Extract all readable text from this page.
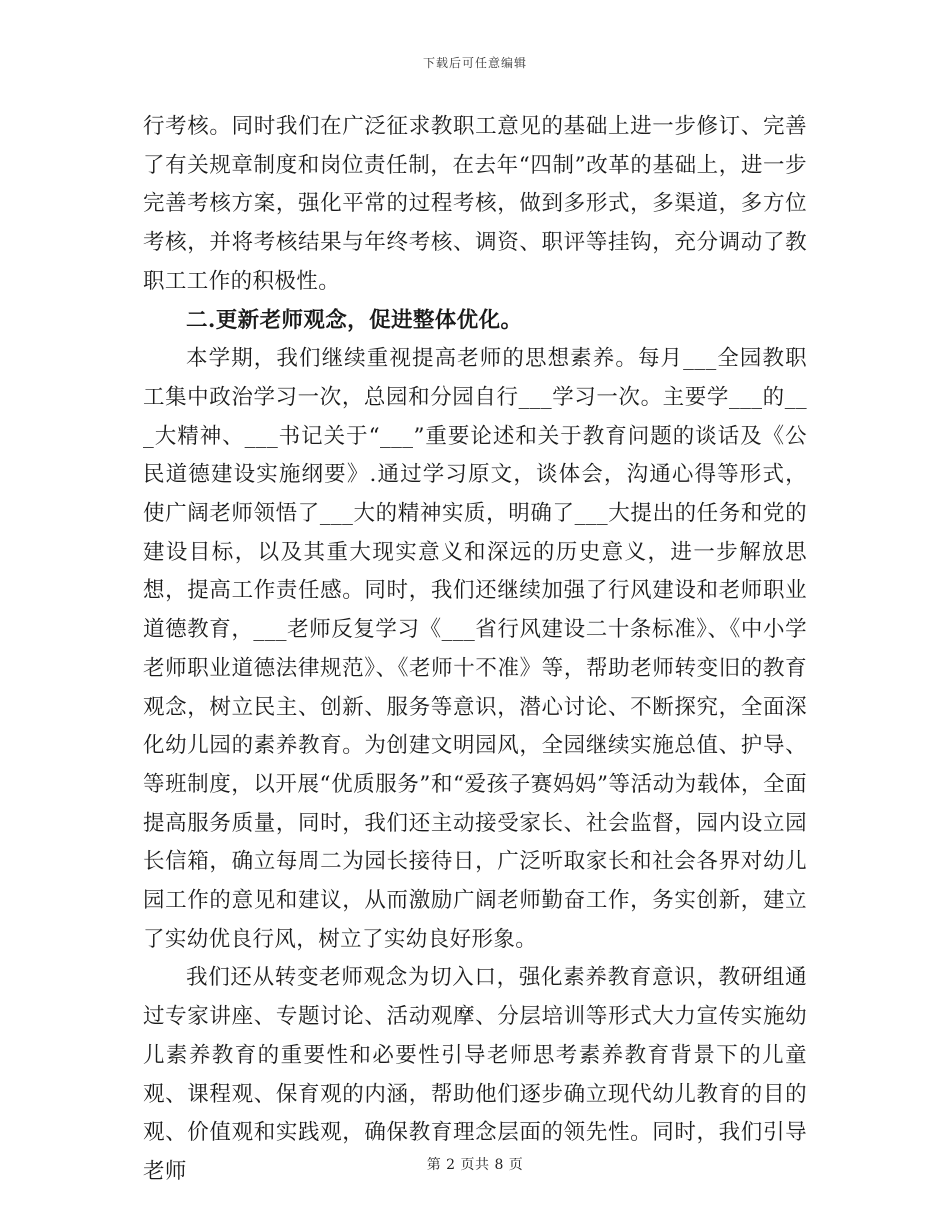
下载后可任意编辑

行考核。同时我们在广泛征求教职工意见的基础上进一步修订、完善了有关规章制度和岗位责任制，在去年“四制”改革的基础上，进一步完善考核方案，强化平常的过程考核，做到多形式，多渠道，多方位考核，并将考核结果与年终考核、调资、职评等挂钩，充分调动了教职工工作的积极性。

二.更新老师观念，促进整体优化。

本学期，我们继续重视提高老师的思想素养。每月___全园教职工集中政治学习一次，总园和分园自行___学习一次。主要学___的___大精神、___书记关于“___”重要论述和关于教育问题的谈话及《公民道德建设实施纲要》.通过学习原文，谈体会，沟通心得等形式，使广阔老师领悟了___大的精神实质，明确了___大提出的任务和党的建设目标，以及其重大现实意义和深远的历史意义，进一步解放思想，提高工作责任感。同时，我们还继续加强了行风建设和老师职业道德教育，___老师反复学习《___省行风建设二十条标准》、《中小学老师职业道德法律规范》、《老师十不准》等，帮助老师转变旧的教育观念，树立民主、创新、服务等意识，潜心讨论、不断探究，全面深化幼儿园的素养教育。为创建文明园风，全园继续实施总值、护导、等班制度，以开展“优质服务”和“爱孩子赛妈妈”等活动为载体，全面提高服务质量，同时，我们还主动接受家长、社会监督，园内设立园长信箱，确立每周二为园长接待日，广泛听取家长和社会各界对幼儿园工作的意见和建议，从而激励广阔老师勤奋工作，务实创新，建立了实幼优良行风，树立了实幼良好形象。

我们还从转变老师观念为切入口，强化素养教育意识，教研组通过专家讲座、专题讨论、活动观摩、分层培训等形式大力宣传实施幼儿素养教育的重要性和必要性引导老师思考素养教育背景下的儿童观、课程观、保育观的内涵，帮助他们逐步确立现代幼儿教育的目的观、价值观和实践观，确保教育理念层面的领先性。同时，我们引导老师	第 2 页共 8 页
